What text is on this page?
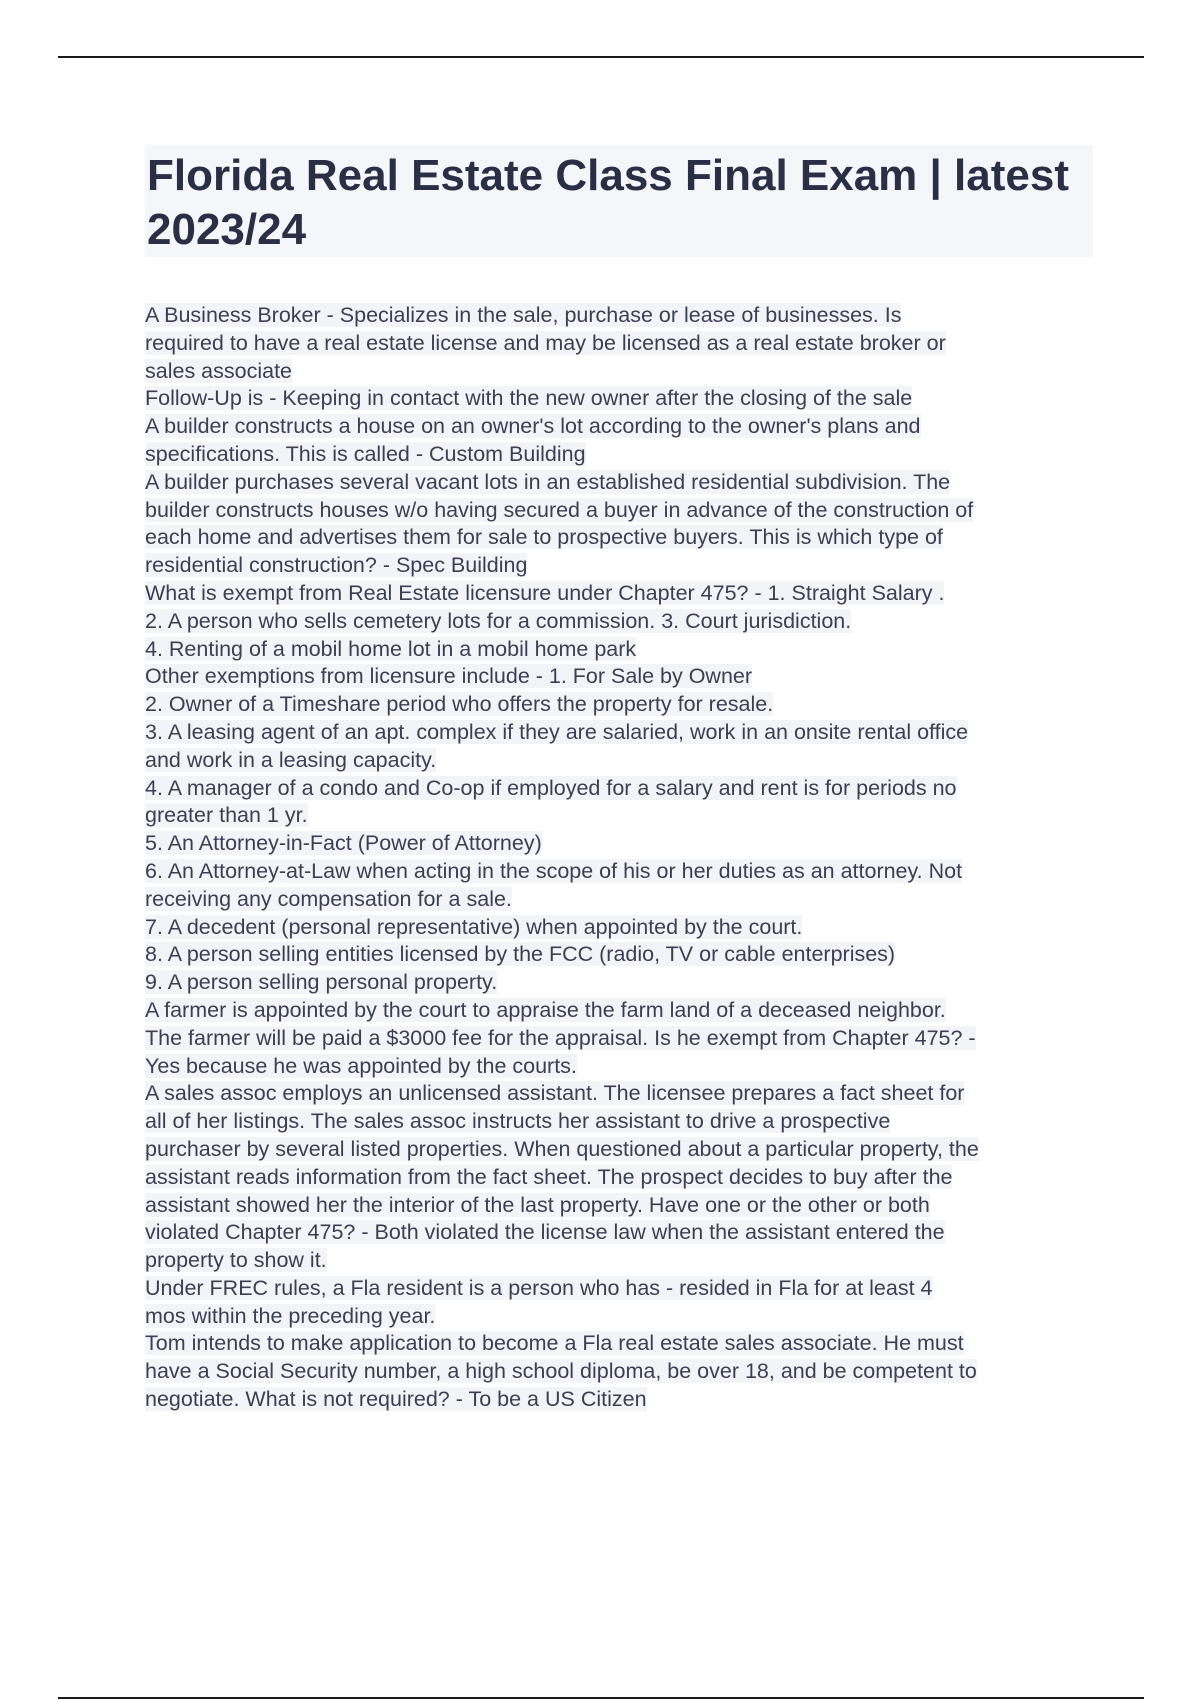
Florida Real Estate Class Final Exam | latest 2023/24
A Business Broker - Specializes in the sale, purchase or lease of businesses. Is
required to have a real estate license and may be licensed as a real estate broker or
sales associate
Follow-Up is - Keeping in contact with the new owner after the closing of the sale
A builder constructs a house on an owner's lot according to the owner's plans and
specifications. This is called - Custom Building
A builder purchases several vacant lots in an established residential subdivision. The
builder constructs houses w/o having secured a buyer in advance of the construction of
each home and advertises them for sale to prospective buyers. This is which type of
residential construction? - Spec Building
What is exempt from Real Estate licensure under Chapter 475? - 1. Straight Salary .
2. A person who sells cemetery lots for a commission. 3. Court jurisdiction.
4. Renting of a mobil home lot in a mobil home park
Other exemptions from licensure include - 1. For Sale by Owner
2. Owner of a Timeshare period who offers the property for resale.
3. A leasing agent of an apt. complex if they are salaried, work in an onsite rental office
and work in a leasing capacity.
4. A manager of a condo and Co-op if employed for a salary and rent is for periods no
greater than 1 yr.
5. An Attorney-in-Fact (Power of Attorney)
6. An Attorney-at-Law when acting in the scope of his or her duties as an attorney. Not
receiving any compensation for a sale.
7. A decedent (personal representative) when appointed by the court.
8. A person selling entities licensed by the FCC (radio, TV or cable enterprises)
9. A person selling personal property.
A farmer is appointed by the court to appraise the farm land of a deceased neighbor.
The farmer will be paid a $3000 fee for the appraisal. Is he exempt from Chapter 475? -
Yes because he was appointed by the courts.
A sales assoc employs an unlicensed assistant. The licensee prepares a fact sheet for
all of her listings. The sales assoc instructs her assistant to drive a prospective
purchaser by several listed properties. When questioned about a particular property, the
assistant reads information from the fact sheet. The prospect decides to buy after the
assistant showed her the interior of the last property. Have one or the other or both
violated Chapter 475? - Both violated the license law when the assistant entered the
property to show it.
Under FREC rules, a Fla resident is a person who has - resided in Fla for at least 4
mos within the preceding year.
Tom intends to make application to become a Fla real estate sales associate. He must
have a Social Security number, a high school diploma, be over 18, and be competent to
negotiate. What is not required? - To be a US Citizen
